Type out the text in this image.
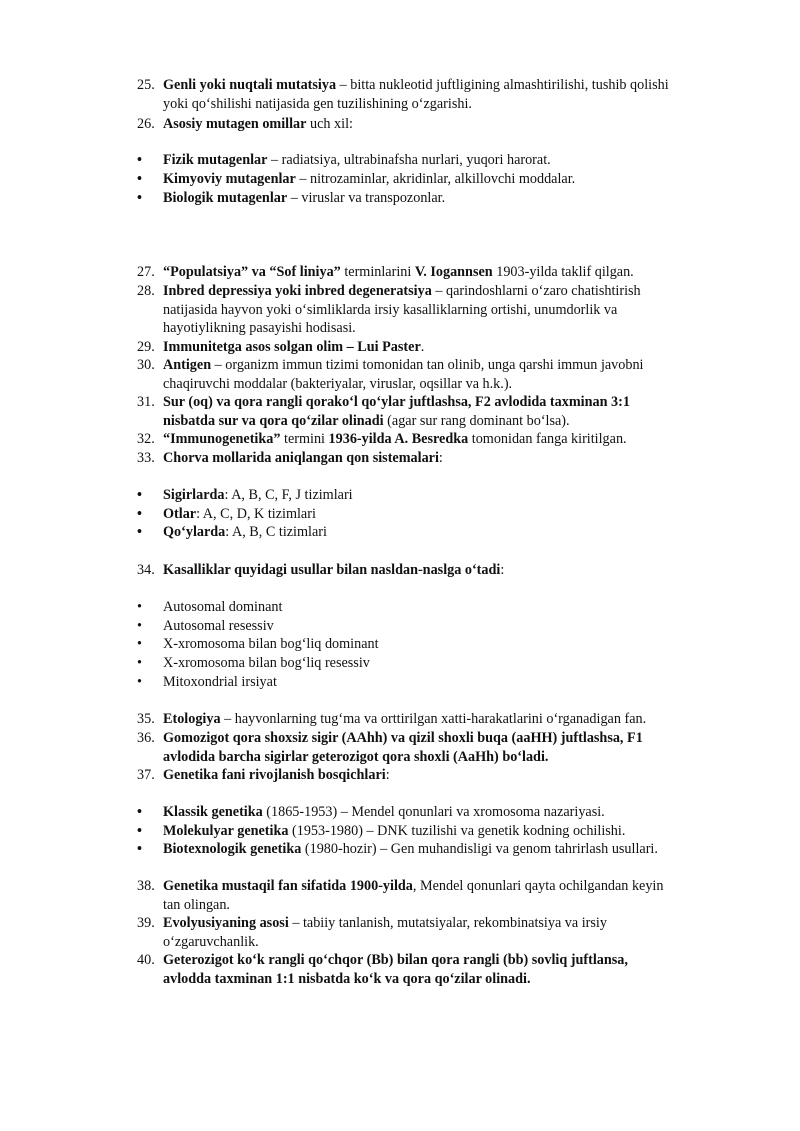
25. Genli yoki nuqtali mutatsiya – bitta nukleotid juftligining almashtirilishi, tushib qolishi
yoki qo‘shilishi natijasida gen tuzilishining o‘zgarishi.
26. Asosiy mutagen omillar uch xil:
•	Fizik mutagenlar – radiatsiya, ultrabinafsha nurlari, yuqori harorat.
•	Kimyoviy mutagenlar – nitrozaminlar, akridinlar, alkillovchi moddalar.
•	Biologik mutagenlar – viruslar va transpozonlar.
27. “Populatsiya” va “Sof liniya” terminlarini V. Iogannsen 1903-yilda taklif qilgan.
28. Inbred depressiya yoki inbred degeneratsiya – qarindoshlarni o‘zaro chatishtirish
natijasida hayvon yoki o‘simliklarda irsiy kasalliklarning ortishi, unumdorlik va
hayotiylikning pasayishi hodisasi.
29. Immunitetga asos solgan olim – Lui Paster.
30. Antigen – organizm immun tizimi tomonidan tan olinib, unga qarshi immun javobni
chaqiruvchi moddalar (bakteriyalar, viruslar, oqsillar va h.k.).
31. Sur (oq) va qora rangli qorako‘l qo‘ylar juftlashsa, F2 avlodida taxminan 3:1
nisbatda sur va qora qo‘zilar olinadi (agar sur rang dominant bo‘lsa).
32. “Immunogenetika” termini 1936-yilda A. Besredka tomonidan fanga kiritilgan.
33. Chorva mollarida aniqlangan qon sistemalari:
•	Sigirlarda: A, B, C, F, J tizimlari
•	Otlar: A, C, D, K tizimlari
•	Qo‘ylarda: A, B, C tizimlari
34. Kasalliklar quyidagi usullar bilan nasldan-naslga o‘tadi:
•	Autosomal dominant
•	Autosomal resessiv
•	X-xromosoma bilan bog‘liq dominant
•	X-xromosoma bilan bog‘liq resessiv
•	Mitoxondrial irsiyat
35. Etologiya – hayvonlarning tug‘ma va orttirilgan xatti-harakatlarini o‘rganadigan fan.
36. Gomozigot qora shoxsiz sigir (AAhh) va qizil shoxli buqa (aaHH) juftlashsa, F1
avlodida barcha sigirlar geterozigot qora shoxli (AaHh) bo‘ladi.
37. Genetika fani rivojlanish bosqichlari:
•	Klassik genetika (1865-1953) – Mendel qonunlari va xromosoma nazariyasi.
•	Molekulyar genetika (1953-1980) – DNK tuzilishi va genetik kodning ochilishi.
•	Biotexnologik genetika (1980-hozir) – Gen muhandisligi va genom tahrirlash usullari.
38. Genetika mustaqil fan sifatida 1900-yilda, Mendel qonunlari qayta ochilgandan keyin
tan olingan.
39. Evolyusiyaning asosi – tabiiy tanlanish, mutatsiyalar, rekombinatsiya va irsiy
o‘zgaruvchanlik.
40. Geterozigot ko‘k rangli qo‘chqor (Bb) bilan qora rangli (bb) sovliq juftlansa,
avlodda taxminan 1:1 nisbatda ko‘k va qora qo‘zilar olinadi.
